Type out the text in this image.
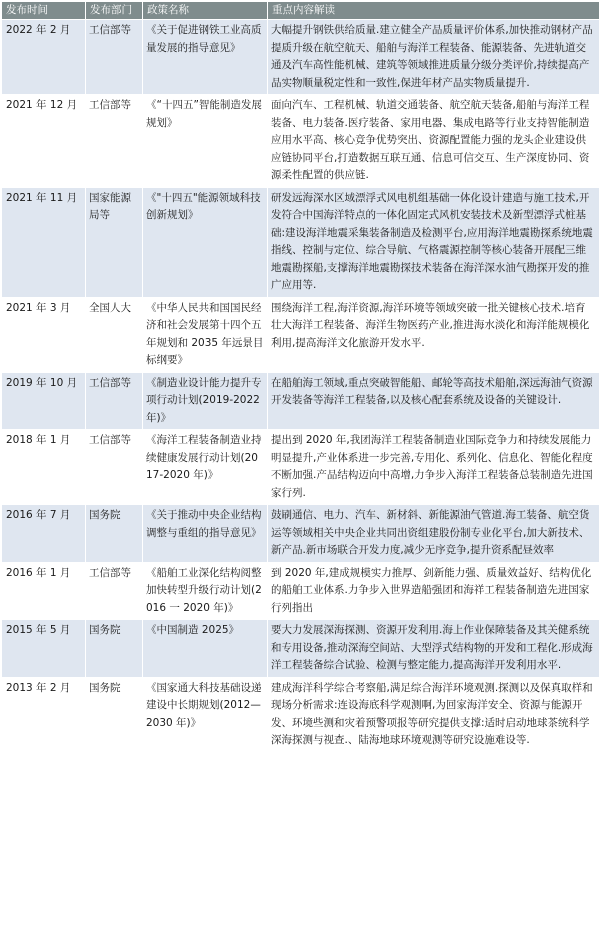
发布时间	发布部门	政策名称	重点内容解读
2022 年 2 月	工信部等	《关于促进钢铁工业高质量发展的指导意见》	大幅提升钢铁供给质量.建立健全产品质量评价体系,加快推动钢材产品提质升级在航空航天、船舶与海洋工程装备、能源装备、先进轨道交通及汽车高性能机械、建筑等领域推进质量分级分类评价,持续提高产品实物顺量税定性和一致性,保进年材产品实物质量提升.
2021 年 12 月	工信部等	《“十四五”智能制造发展规划》	面向汽车、工程机械、轨道交通装备、航空航天装备,船舶与海洋工程装备、电力装备.医疗装备、家用电器、集成电路等行业支持智能制造应用水平高、核心竞争优势突出、资源配置能力强的龙头企业建设供应链协同平台,打造数据互联互通、信息可信交互、生产深度协同、资源柔性配置的供应链.
2021 年 11 月	国家能源局等	《"十四五"能源领域科技创新规划》	研发远海深水区域漂浮式风电机组基础一体化设计建造与施工技术,开发符合中国海洋特点的一体化固定式风机安装技术及新型漂浮式桩基础:建设海洋地震采集装备制造及检测平台,应用海洋地震勘探系统地震指线、控制与定位、综合导航、气格震源控制等核心装备开展配三维地震勘探船,支撑海洋地震勘探技术装备在海洋深水油气勘探开发的推广应用等.
2021 年 3 月	全国人大	《中华人民共和国国民经济和社会发展第十四个五年规划和 2035 年远景目标纲要》	围绕海洋工程,海洋资源,海洋环境等领域突破一批关键核心技术.培育壮大海洋工程装备、海洋生物医药产业,推进海水淡化和海洋能规模化利用,提高海洋文化旅游开发水平.
2019 年 10 月	工信部等	《制造业设计能力提升专项行动计划(2019-2022 年)》	在船舶海工领域,重点突破智能船、邮轮等高技术船舶,深远海油气资源开发装备等海洋工程装备,以及核心配套系统及设备的关键设计.
2018 年 1 月	工信部等	《海洋工程装备制造业持续健康发展行动计划(2017-2020 年)》	提出到 2020 年,我团海洋工程装备制造业国际竞争力和持续发展能力明显提升,产业体系进一步完善,专用化、系列化、信息化、智能化程度不断加强.产品结构迈向中高增,力争步入海洋工程装备总装制造先进国家行列.
2016 年 7 月	国务院	《关于推动中央企业结构调整与重组的指导意见》	鼓刷通信、电力、汽车、新材斜、新能源油气管道.海工装备、航空货运等领域相关中央企业共同出资组建股份制专业化平台,加大新技术、新产品.新市场联合开发力度,减少无序竞争,提升资系配昼效率
2016 年 1 月	工信部等	《船舶工业深化结构阅整加快转型升级行动计划(2016 一 2020 年)》	到 2020 年,建成规模实力推厚、剑新能力强、质量效益好、结构优化的船舶工业体系.力争步入世界造船强团和海祥工程装备制造先进国家行列指出
2015 年 5 月	国务院	《中国制造 2025》	要大力发展深海探测、资源开发利用.海上作业保障装备及其关健系统和专用设备,推动深海空间站、大型浮式结构物的开发和工程化.形成海洋工程装备综合试验、检测与整定能力,提高海洋开发利用水平.
2013 年 2 月	国务院	《国家通大科技基础设递建设中长期规划(2012—2030 年)》	建成海洋科学综合考察船,满足综合海洋环境观测.探测以及保真取样和现场分析需求:连设海底科学观测啊,为回家海洋安全、资源与能源开发、环境些测和灾着预警项报等研究提供支撑:适时启动地球茶统科学深海探测与视查.、陆海地球环境观测等研究设施难设等.
